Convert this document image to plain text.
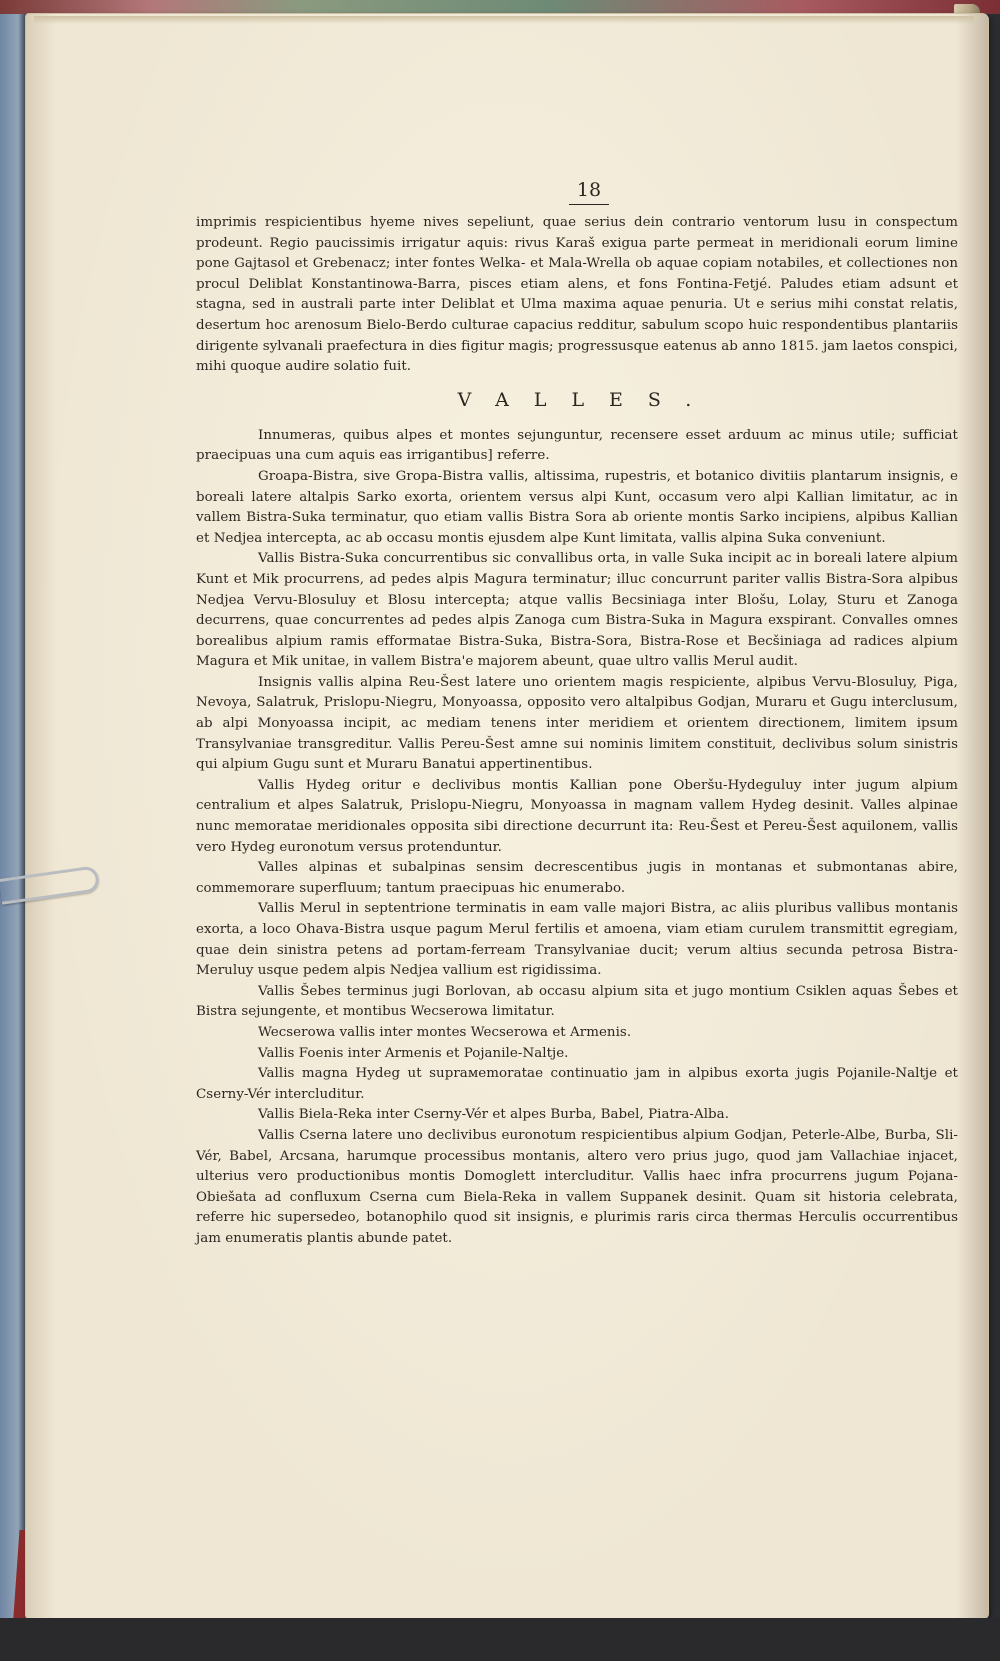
18

imprimis respicientibus hyeme nives sepeliunt, quae serius dein contrario ventorum lusu in conspectum prodeunt. Regio paucissimis irrigatur aquis: rivus Karaš exigua parte permeat in meridionali eorum limine pone Gajtasol et Grebenacz; inter fontes Welka- et Mala-Wrella ob aquae copiam notabiles, et collectiones non procul Deliblat Konstantinowa-Barra, pisces etiam alens, et fons Fontina-Fetjé. Paludes etiam adsunt et stagna, sed in australi parte inter Deliblat et Ulma maxima aquae penuria. Ut e serius mihi constat relatis, desertum hoc arenosum Bielo-Berdo culturae capacius redditur, sabulum scopo huic respondentibus plantariis dirigente sylvanali praefectura in dies figitur magis; progressusque eatenus ab anno 1815. jam laetos conspici, mihi quoque audire solatio fuit.

VALLES.

Innumeras, quibus alpes et montes sejunguntur, recensere esset arduum ac minus utile; sufficiat praecipuas una cum aquis eas irrigantibus] referre.

Groapa-Bistra, sive Gropa-Bistra vallis, altissima, rupestris, et botanico divitiis plantarum insignis, e boreali latere altalpis Sarko exorta, orientem versus alpi Kunt, occasum vero alpi Kallian limitatur, ac in vallem Bistra-Suka terminatur, quo etiam vallis Bistra Sora ab oriente montis Sarko incipiens, alpibus Kallian et Nedjea intercepta, ac ab occasu montis ejusdem alpe Kunt limitata, vallis alpina Suka conveniunt.

Vallis Bistra-Suka concurrentibus sic convallibus orta, in valle Suka incipit ac in boreali latere alpium Kunt et Mik procurrens, ad pedes alpis Magura terminatur; illuc concurrunt pariter vallis Bistra-Sora alpibus Nedjea Vervu-Blosuluy et Blosu intercepta; atque vallis Becsiniaga inter Blošu, Lolay, Sturu et Zanoga decurrens, quae concurrentes ad pedes alpis Zanoga cum Bistra-Suka in Magura exspirant. Convalles omnes borealibus alpium ramis efformatae Bistra-Suka, Bistra-Sora, Bistra-Rose et Becšiniaga ad radices alpium Magura et Mik unitae, in vallem Bistra'e majorem abeunt, quae ultro vallis Merul audit.

Insignis vallis alpina Reu-Šest latere uno orientem magis respiciente, alpibus Vervu-Blosuluy, Piga, Nevoya, Salatruk, Prislopu-Niegru, Monyoassa, opposito vero altalpibus Godjan, Muraru et Gugu interclusum, ab alpi Monyoassa incipit, ac mediam tenens inter meridiem et orientem directionem, limitem ipsum Transylvaniae transgreditur. Vallis Pereu-Šest amne sui nominis limitem constituit, declivibus solum sinistris qui alpium Gugu sunt et Muraru Banatui appertinentibus.

Vallis Hydeg oritur e declivibus montis Kallian pone Oberšu-Hydeguluy inter jugum alpium centralium et alpes Salatruk, Prislopu-Niegru, Monyoassa in magnam vallem Hydeg desinit. Valles alpinae nunc memoratae meridionales opposita sibi directione decurrunt ita: Reu-Šest et Pereu-Šest aquilonem, vallis vero Hydeg euronotum versus protenduntur.

Valles alpinas et subalpinas sensim decrescentibus jugis in montanas et submontanas abire, commemorare superfluum; tantum praecipuas hic enumerabo.

Vallis Merul in septentrione terminatis in eam valle majori Bistra, ac aliis pluribus vallibus montanis exorta, a loco Ohava-Bistra usque pagum Merul fertilis et amoena, viam etiam curulem transmittit egregiam, quae dein sinistra petens ad portam-ferream Transylvaniae ducit; verum altius secunda petrosa Bistra-Meruluy usque pedem alpis Nedjea vallium est rigidissima.

Vallis Šebes terminus jugi Borlovan, ab occasu alpium sita et jugo montium Csiklen aquas Šebes et Bistra sejungente, et montibus Wecserowa limitatur.

Wecserowa vallis inter montes Wecserowa et Armenis.

Vallis Foenis inter Armenis et Pojanile-Naltje.

Vallis magna Hydeg ut suprамemoratae continuatio jam in alpibus exorta jugis Pojanile-Naltje et Cserny-Vér intercluditur.

Vallis Biela-Reka inter Cserny-Vér et alpes Burba, Babel, Piatra-Alba.

Vallis Cserna latere uno declivibus euronotum respicientibus alpium Godjan, Peterle-Albe, Burba, Sli-Vér, Babel, Arcsana, harumque processibus montanis, altero vero prius jugo, quod jam Vallachiae injacet, ulterius vero productionibus montis Domoglett intercluditur. Vallis haec infra procurrens jugum Pojana-Obiešata ad confluxum Cserna cum Biela-Reka in vallem Suppanek desinit. Quam sit historia celebrata, referre hic supersedeo, botanophilo quod sit insignis, e plurimis raris circa thermas Herculis occurrentibus jam enumeratis plantis abunde patet.
